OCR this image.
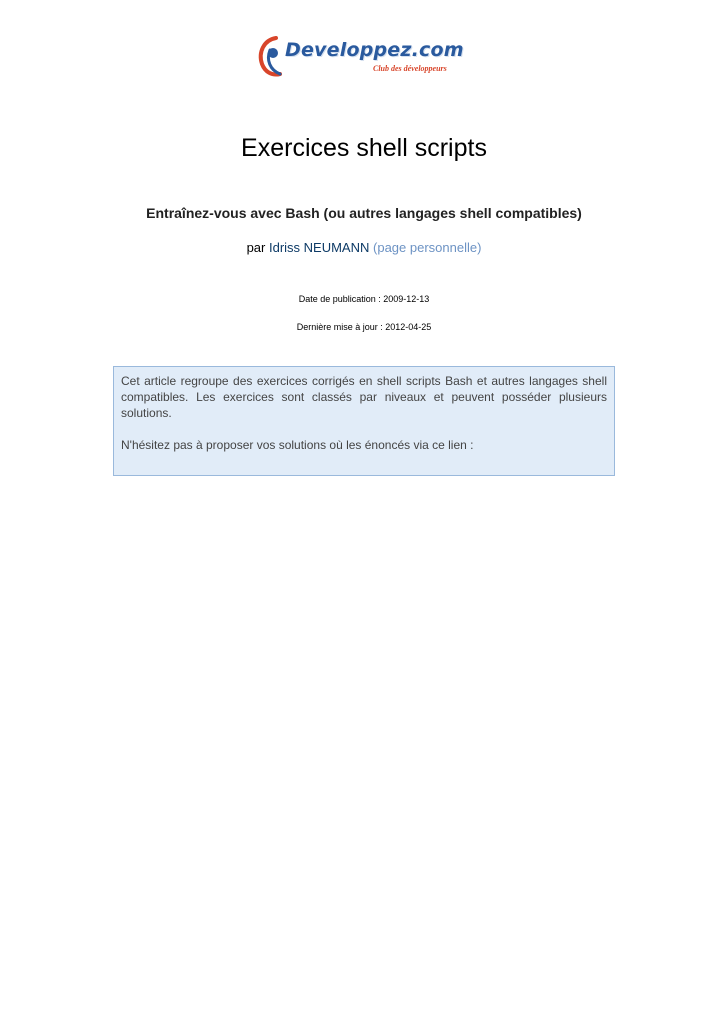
Developpez.com
Club des développeurs
Exercices shell scripts
Entraînez-vous avec Bash (ou autres langages shell compatibles)
par Idriss NEUMANN (page personnelle)
Date de publication : 2009-12-13
Dernière mise à jour : 2012-04-25

Cet article regroupe des exercices corrigés en shell scripts Bash et autres langages shell compatibles. Les exercices sont classés par niveaux et peuvent posséder plusieurs solutions.

N'hésitez pas à proposer vos solutions où les énoncés via ce lien :
